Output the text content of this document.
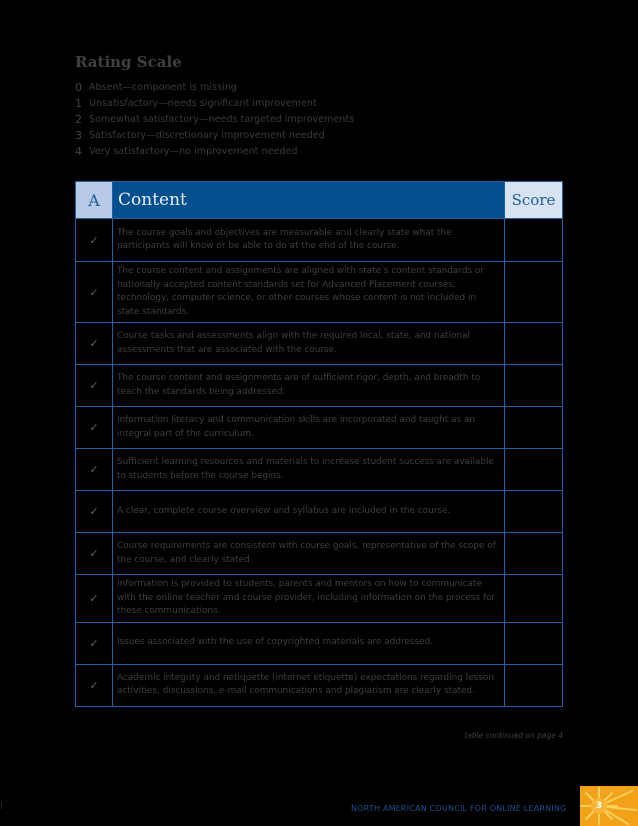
Rating Scale
0 Absent—component is missing
1 Unsatisfactory—needs significant improvement
2 Somewhat satisfactory—needs targeted improvements
3 Satisfactory—discretionary improvement needed
4 Very satisfactory—no improvement needed
A	Content	Score
✓	The course goals and objectives are measurable and clearly state what the participants will know or be able to do at the end of the course.	
✓	The course content and assignments are aligned with state’s content standards or nationally accepted content standards set for Advanced Placement courses, technology, computer science, or other courses whose content is not included in state standards.	
✓	Course tasks and assessments align with the required local, state, and national assessments that are associated with the course.	
✓	The course content and assignments are of sufficient rigor, depth, and breadth to teach the standards being addressed.	
✓	Information literacy and communication skills are incorporated and taught as an integral part of the curriculum.	
✓	Sufficient learning resources and materials to increase student success are available to students before the course begins.	
✓	A clear, complete course overview and syllabus are included in the course.	
✓	Course requirements are consistent with course goals, representative of the scope of the course, and clearly stated.	
✓	Information is provided to students, parents and mentors on how to communicate with the online teacher and course provider, including information on the process for these communications.	
✓	Issues associated with the use of copyrighted materials are addressed.	
✓	Academic integrity and netiquette (internet etiquette) expectations regarding lesson activities, discussions, e-mail communications and plagiarism are clearly stated.	
table continued on page 4
|	NORTH AMERICAN COUNCIL FOR ONLINE LEARNING	3
